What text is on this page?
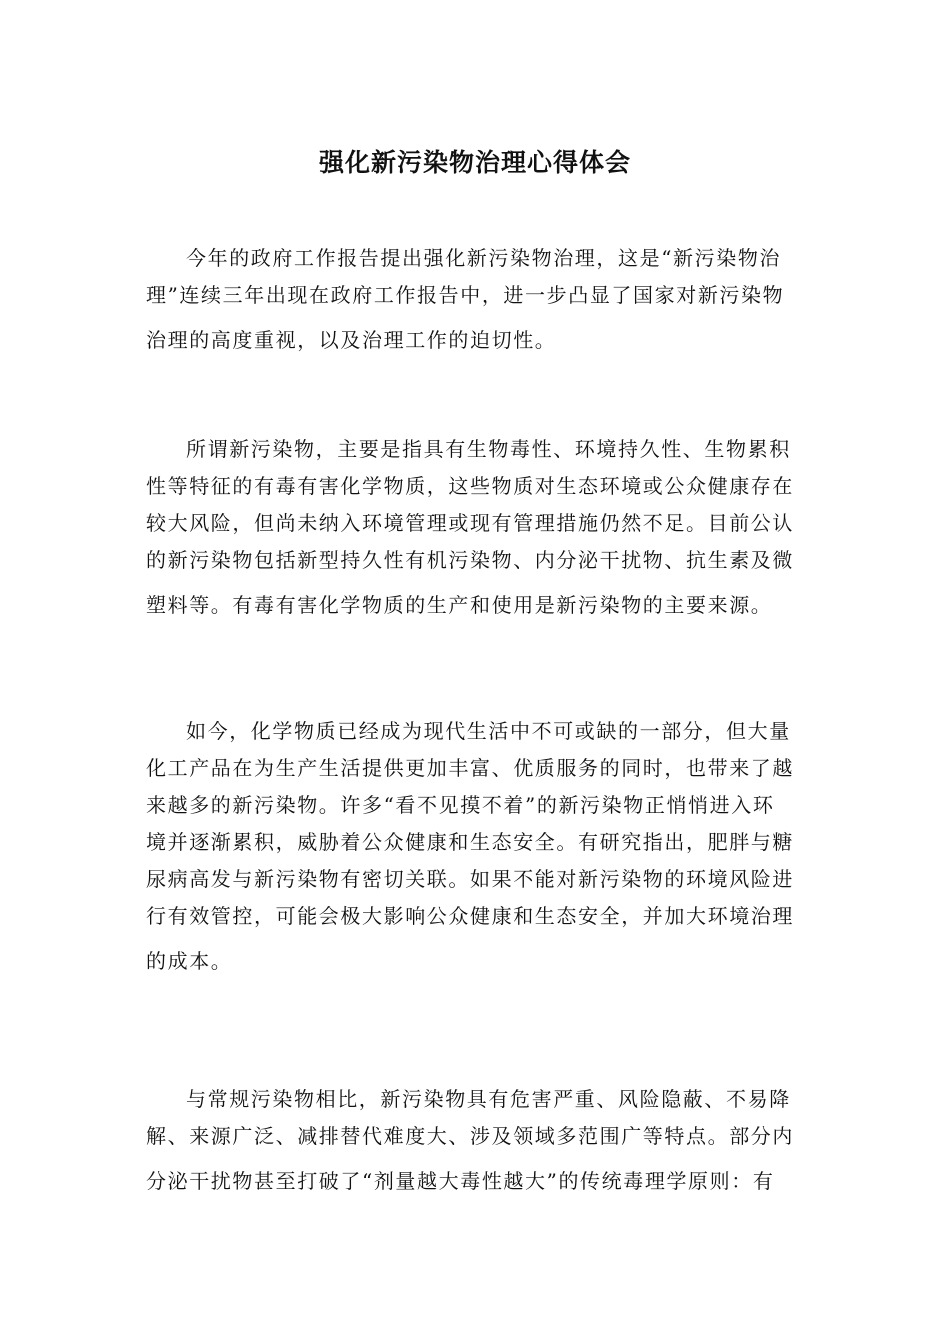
强化新污染物治理心得体会

今年的政府工作报告提出强化新污染物治理，这是“新污染物治
理”连续三年出现在政府工作报告中，进一步凸显了国家对新污染物
治理的高度重视，以及治理工作的迫切性。

所谓新污染物，主要是指具有生物毒性、环境持久性、生物累积
性等特征的有毒有害化学物质，这些物质对生态环境或公众健康存在
较大风险，但尚未纳入环境管理或现有管理措施仍然不足。目前公认
的新污染物包括新型持久性有机污染物、内分泌干扰物、抗生素及微
塑料等。有毒有害化学物质的生产和使用是新污染物的主要来源。

如今，化学物质已经成为现代生活中不可或缺的一部分，但大量
化工产品在为生产生活提供更加丰富、优质服务的同时，也带来了越
来越多的新污染物。许多“看不见摸不着”的新污染物正悄悄进入环
境并逐渐累积，威胁着公众健康和生态安全。有研究指出，肥胖与糖
尿病高发与新污染物有密切关联。如果不能对新污染物的环境风险进
行有效管控，可能会极大影响公众健康和生态安全，并加大环境治理
的成本。

与常规污染物相比，新污染物具有危害严重、风险隐蔽、不易降
解、来源广泛、减排替代难度大、涉及领域多范围广等特点。部分内
分泌干扰物甚至打破了“剂量越大毒性越大”的传统毒理学原则：有
